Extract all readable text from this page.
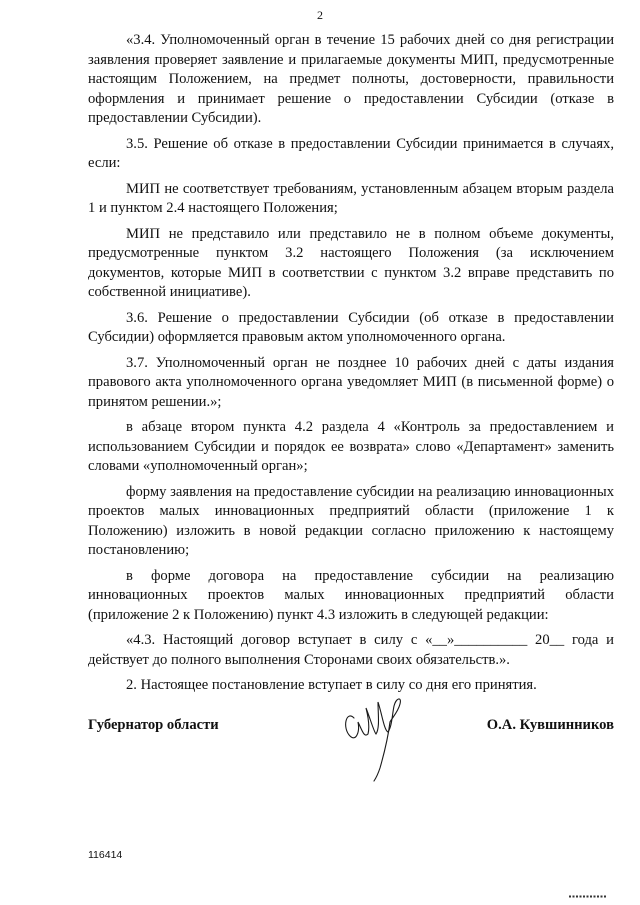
2

«3.4. Уполномоченный орган в течение 15 рабочих дней со дня регистрации заявления проверяет заявление и прилагаемые документы МИП, предусмотренные настоящим Положением, на предмет полноты, достоверности, правильности оформления и принимает решение о предоставлении Субсидии (отказе в предоставлении Субсидии).

3.5. Решение об отказе в предоставлении Субсидии принимается в случаях, если:

МИП не соответствует требованиям, установленным абзацем вторым раздела 1 и пунктом 2.4 настоящего Положения;

МИП не представило или представило не в полном объеме документы, предусмотренные пунктом 3.2 настоящего Положения (за исключением документов, которые МИП в соответствии с пунктом 3.2 вправе представить по собственной инициативе).

3.6. Решение о предоставлении Субсидии (об отказе в предоставлении Субсидии) оформляется правовым актом уполномоченного органа.

3.7. Уполномоченный орган не позднее 10 рабочих дней с даты издания правового акта уполномоченного органа уведомляет МИП (в письменной форме) о принятом решении.»;

в абзаце втором пункта 4.2 раздела 4 «Контроль за предоставлением и использованием Субсидии и порядок ее возврата» слово «Департамент» заменить словами «уполномоченный орган»;

форму заявления на предоставление субсидии на реализацию инновационных проектов малых инновационных предприятий области (приложение 1 к Положению) изложить в новой редакции согласно приложению к настоящему постановлению;

в форме договора на предоставление субсидии на реализацию инновационных проектов малых инновационных предприятий области (приложение 2 к Положению) пункт 4.3 изложить в следующей редакции:

«4.3. Настоящий договор вступает в силу с «__»__________ 20__ года и действует до полного выполнения Сторонами своих обязательств.».

2. Настоящее постановление вступает в силу со дня его принятия.

Губернатор области	О.А. Кувшинников
116414
